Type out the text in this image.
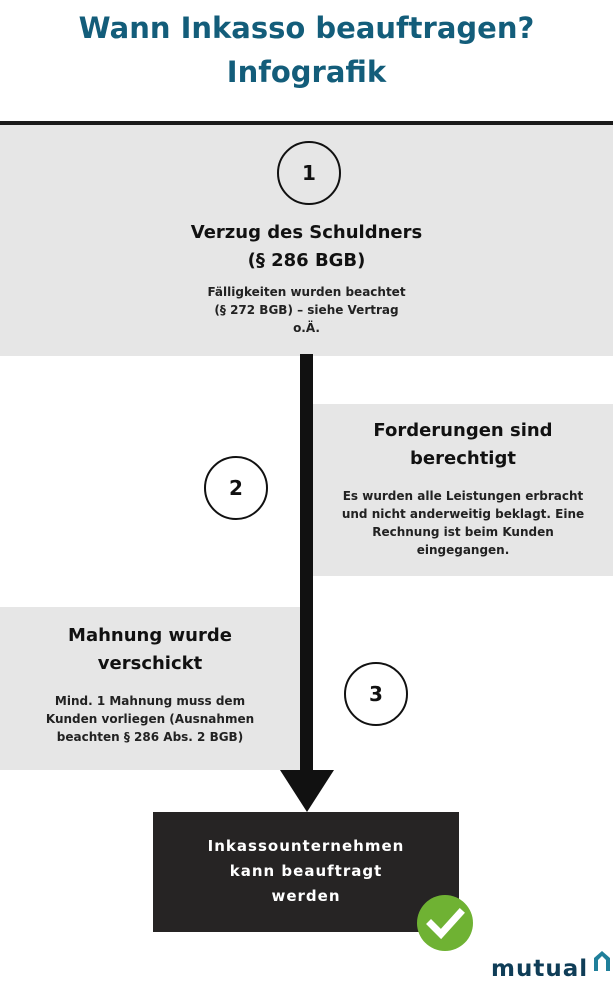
Wann Inkasso beauftragen?
Infografik
1
2
3
Verzug des Schuldners
(§ 286 BGB)
Fälligkeiten wurden beachtet
(§ 272 BGB) – siehe Vertrag
o.Ä.
Forderungen sind
berechtigt
Es wurden alle Leistungen erbracht
und nicht anderweitig beklagt. Eine
Rechnung ist beim Kunden
eingegangen.
Mahnung wurde
verschickt
Mind. 1 Mahnung muss dem
Kunden vorliegen (Ausnahmen
beachten § 286 Abs. 2 BGB)
Inkassounternehmen
kann beauftragt
werden
mutual
